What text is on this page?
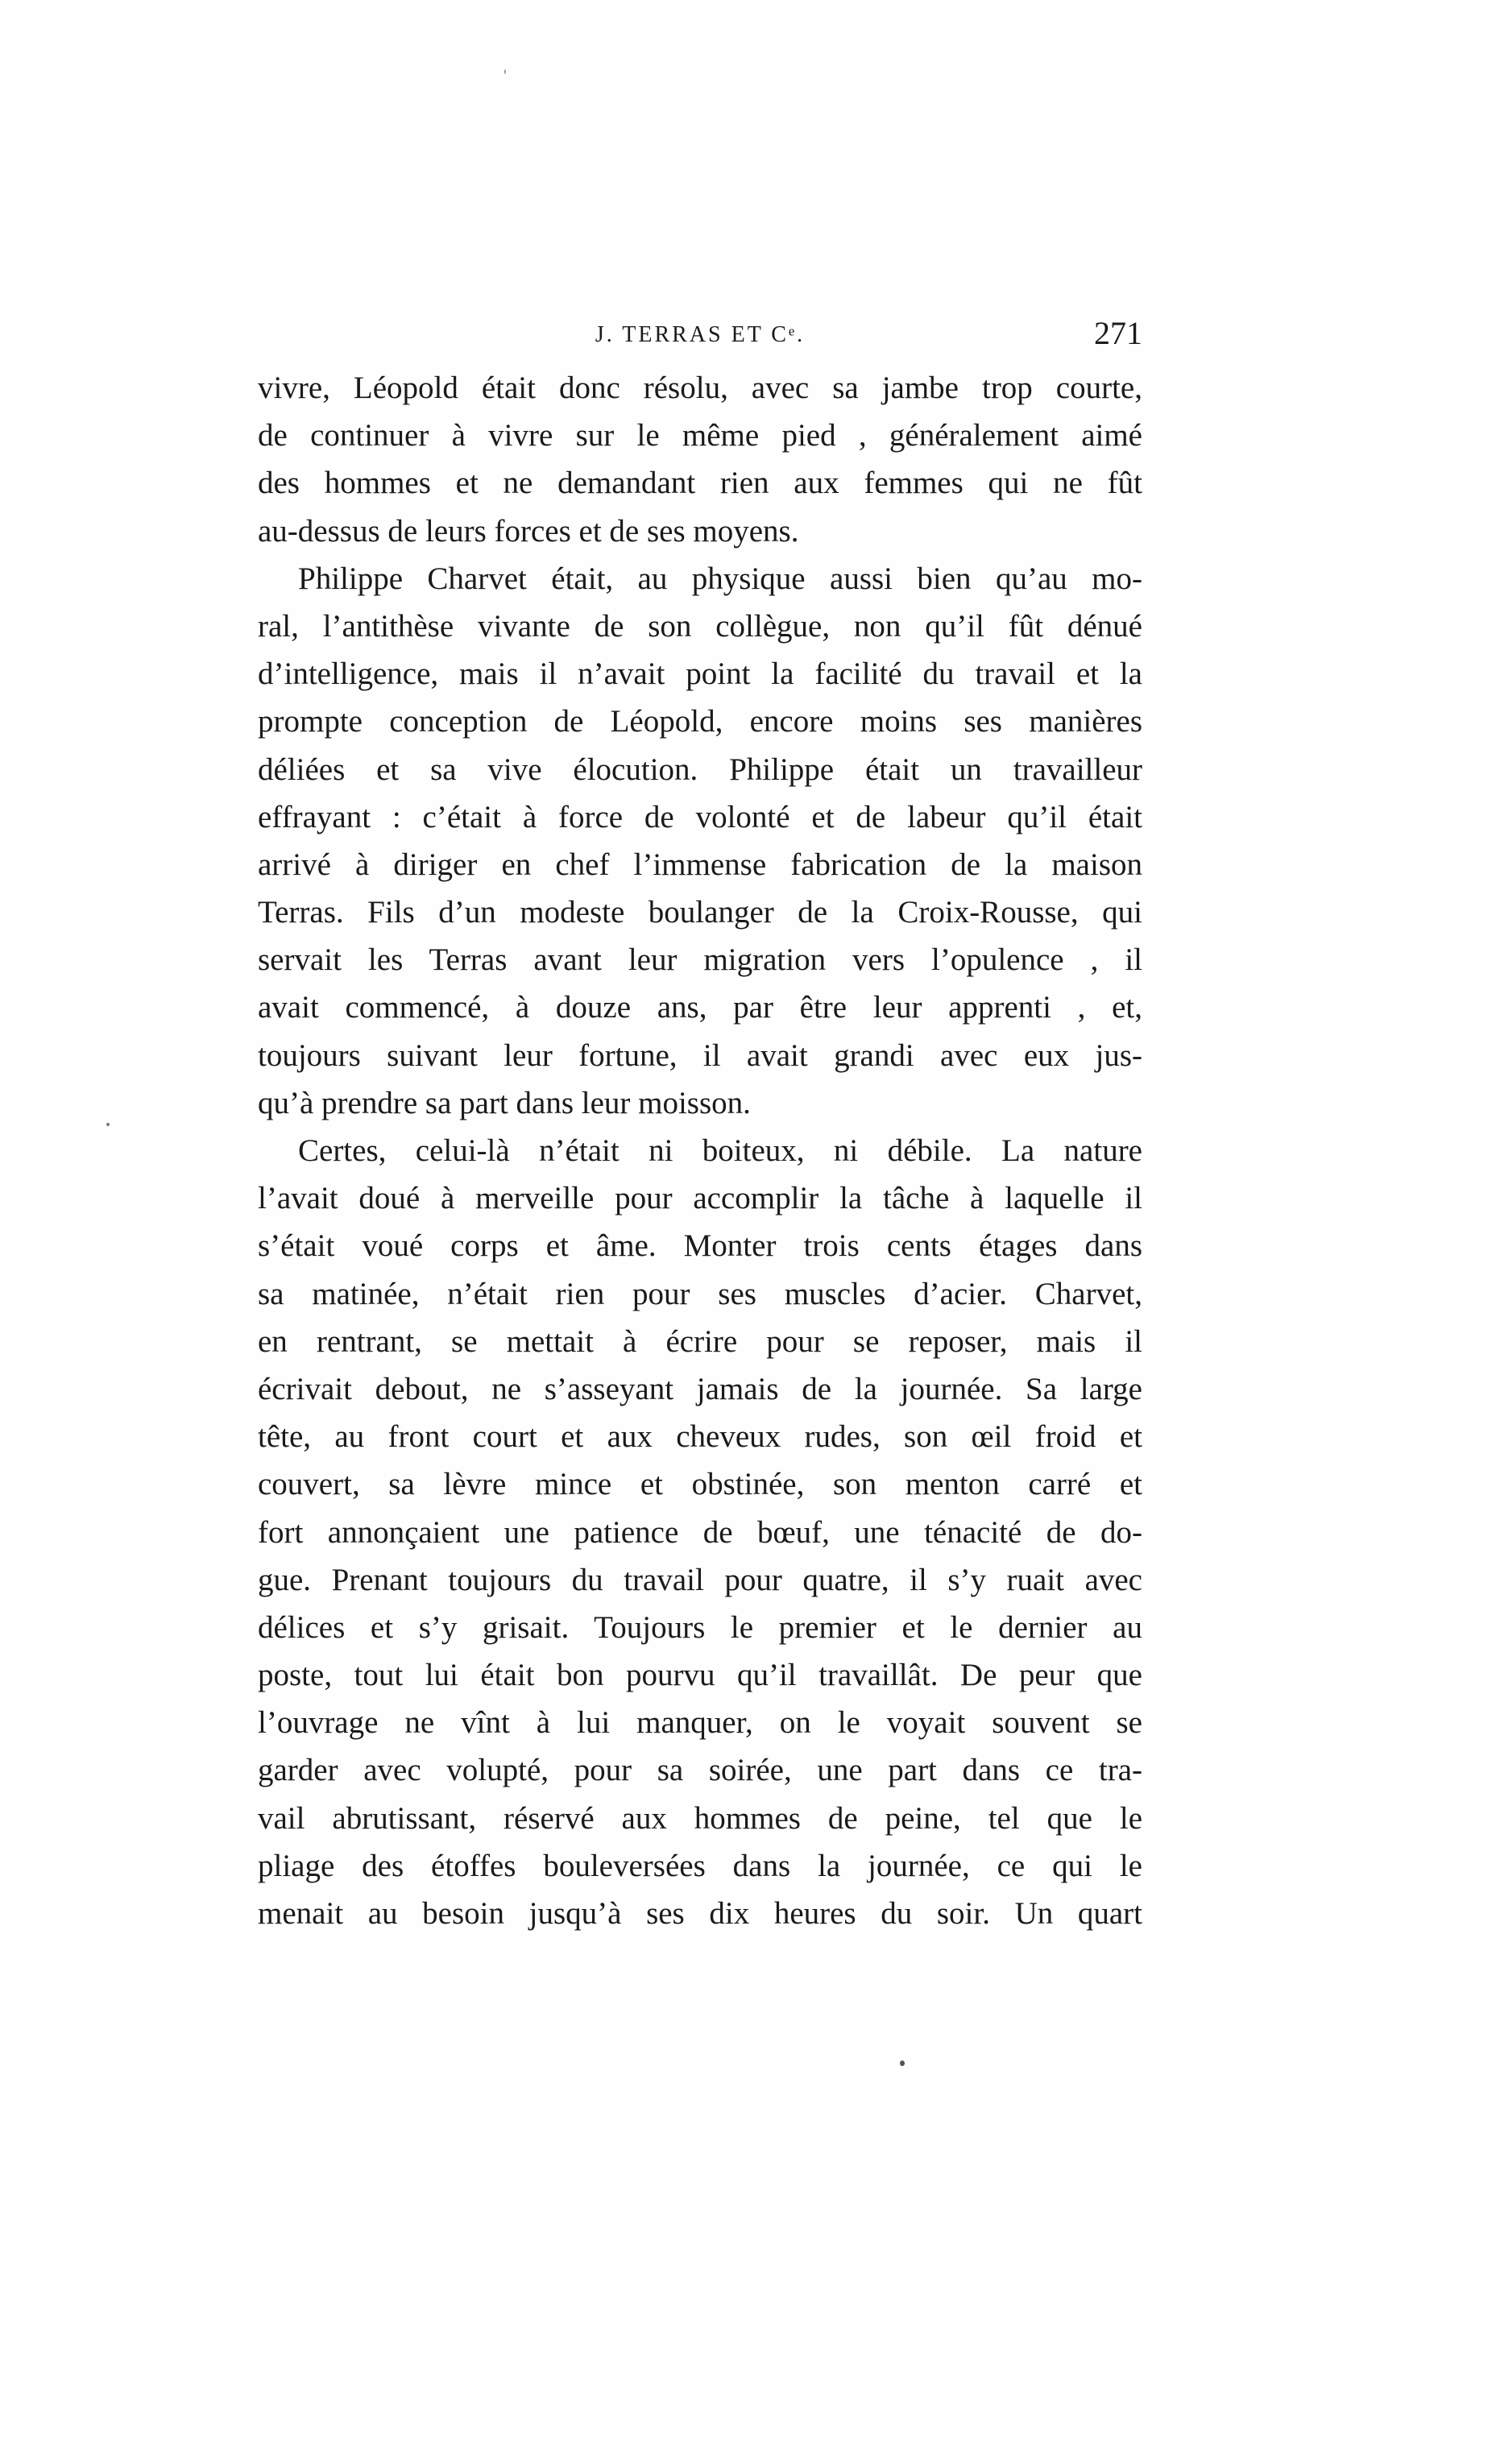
J. TERRAS ET Cᵉ.	271
vivre, Léopold était donc résolu, avec sa jambe trop courte,
de continuer à vivre sur le même pied , généralement aimé
des hommes et ne demandant rien aux femmes qui ne fût
au-dessus de leurs forces et de ses moyens.
Philippe Charvet était, au physique aussi bien qu’au mo-
ral, l’antithèse vivante de son collègue, non qu’il fût dénué
d’intelligence, mais il n’avait point la facilité du travail et la
prompte conception de Léopold, encore moins ses manières
déliées et sa vive élocution. Philippe était un travailleur
effrayant : c’était à force de volonté et de labeur qu’il était
arrivé à diriger en chef l’immense fabrication de la maison
Terras. Fils d’un modeste boulanger de la Croix-Rousse, qui
servait les Terras avant leur migration vers l’opulence , il
avait commencé, à douze ans, par être leur apprenti , et,
toujours suivant leur fortune, il avait grandi avec eux jus-
qu’à prendre sa part dans leur moisson.
Certes, celui-là n’était ni boiteux, ni débile. La nature
l’avait doué à merveille pour accomplir la tâche à laquelle il
s’était voué corps et âme. Monter trois cents étages dans
sa matinée, n’était rien pour ses muscles d’acier. Charvet,
en rentrant, se mettait à écrire pour se reposer, mais il
écrivait debout, ne s’asseyant jamais de la journée. Sa large
tête, au front court et aux cheveux rudes, son œil froid et
couvert, sa lèvre mince et obstinée, son menton carré et
fort annonçaient une patience de bœuf, une ténacité de do-
gue. Prenant toujours du travail pour quatre, il s’y ruait avec
délices et s’y grisait. Toujours le premier et le dernier au
poste, tout lui était bon pourvu qu’il travaillât. De peur que
l’ouvrage ne vînt à lui manquer, on le voyait souvent se
garder avec volupté, pour sa soirée, une part dans ce tra-
vail abrutissant, réservé aux hommes de peine, tel que le
pliage des étoffes bouleversées dans la journée, ce qui le
menait au besoin jusqu’à ses dix heures du soir. Un quart
